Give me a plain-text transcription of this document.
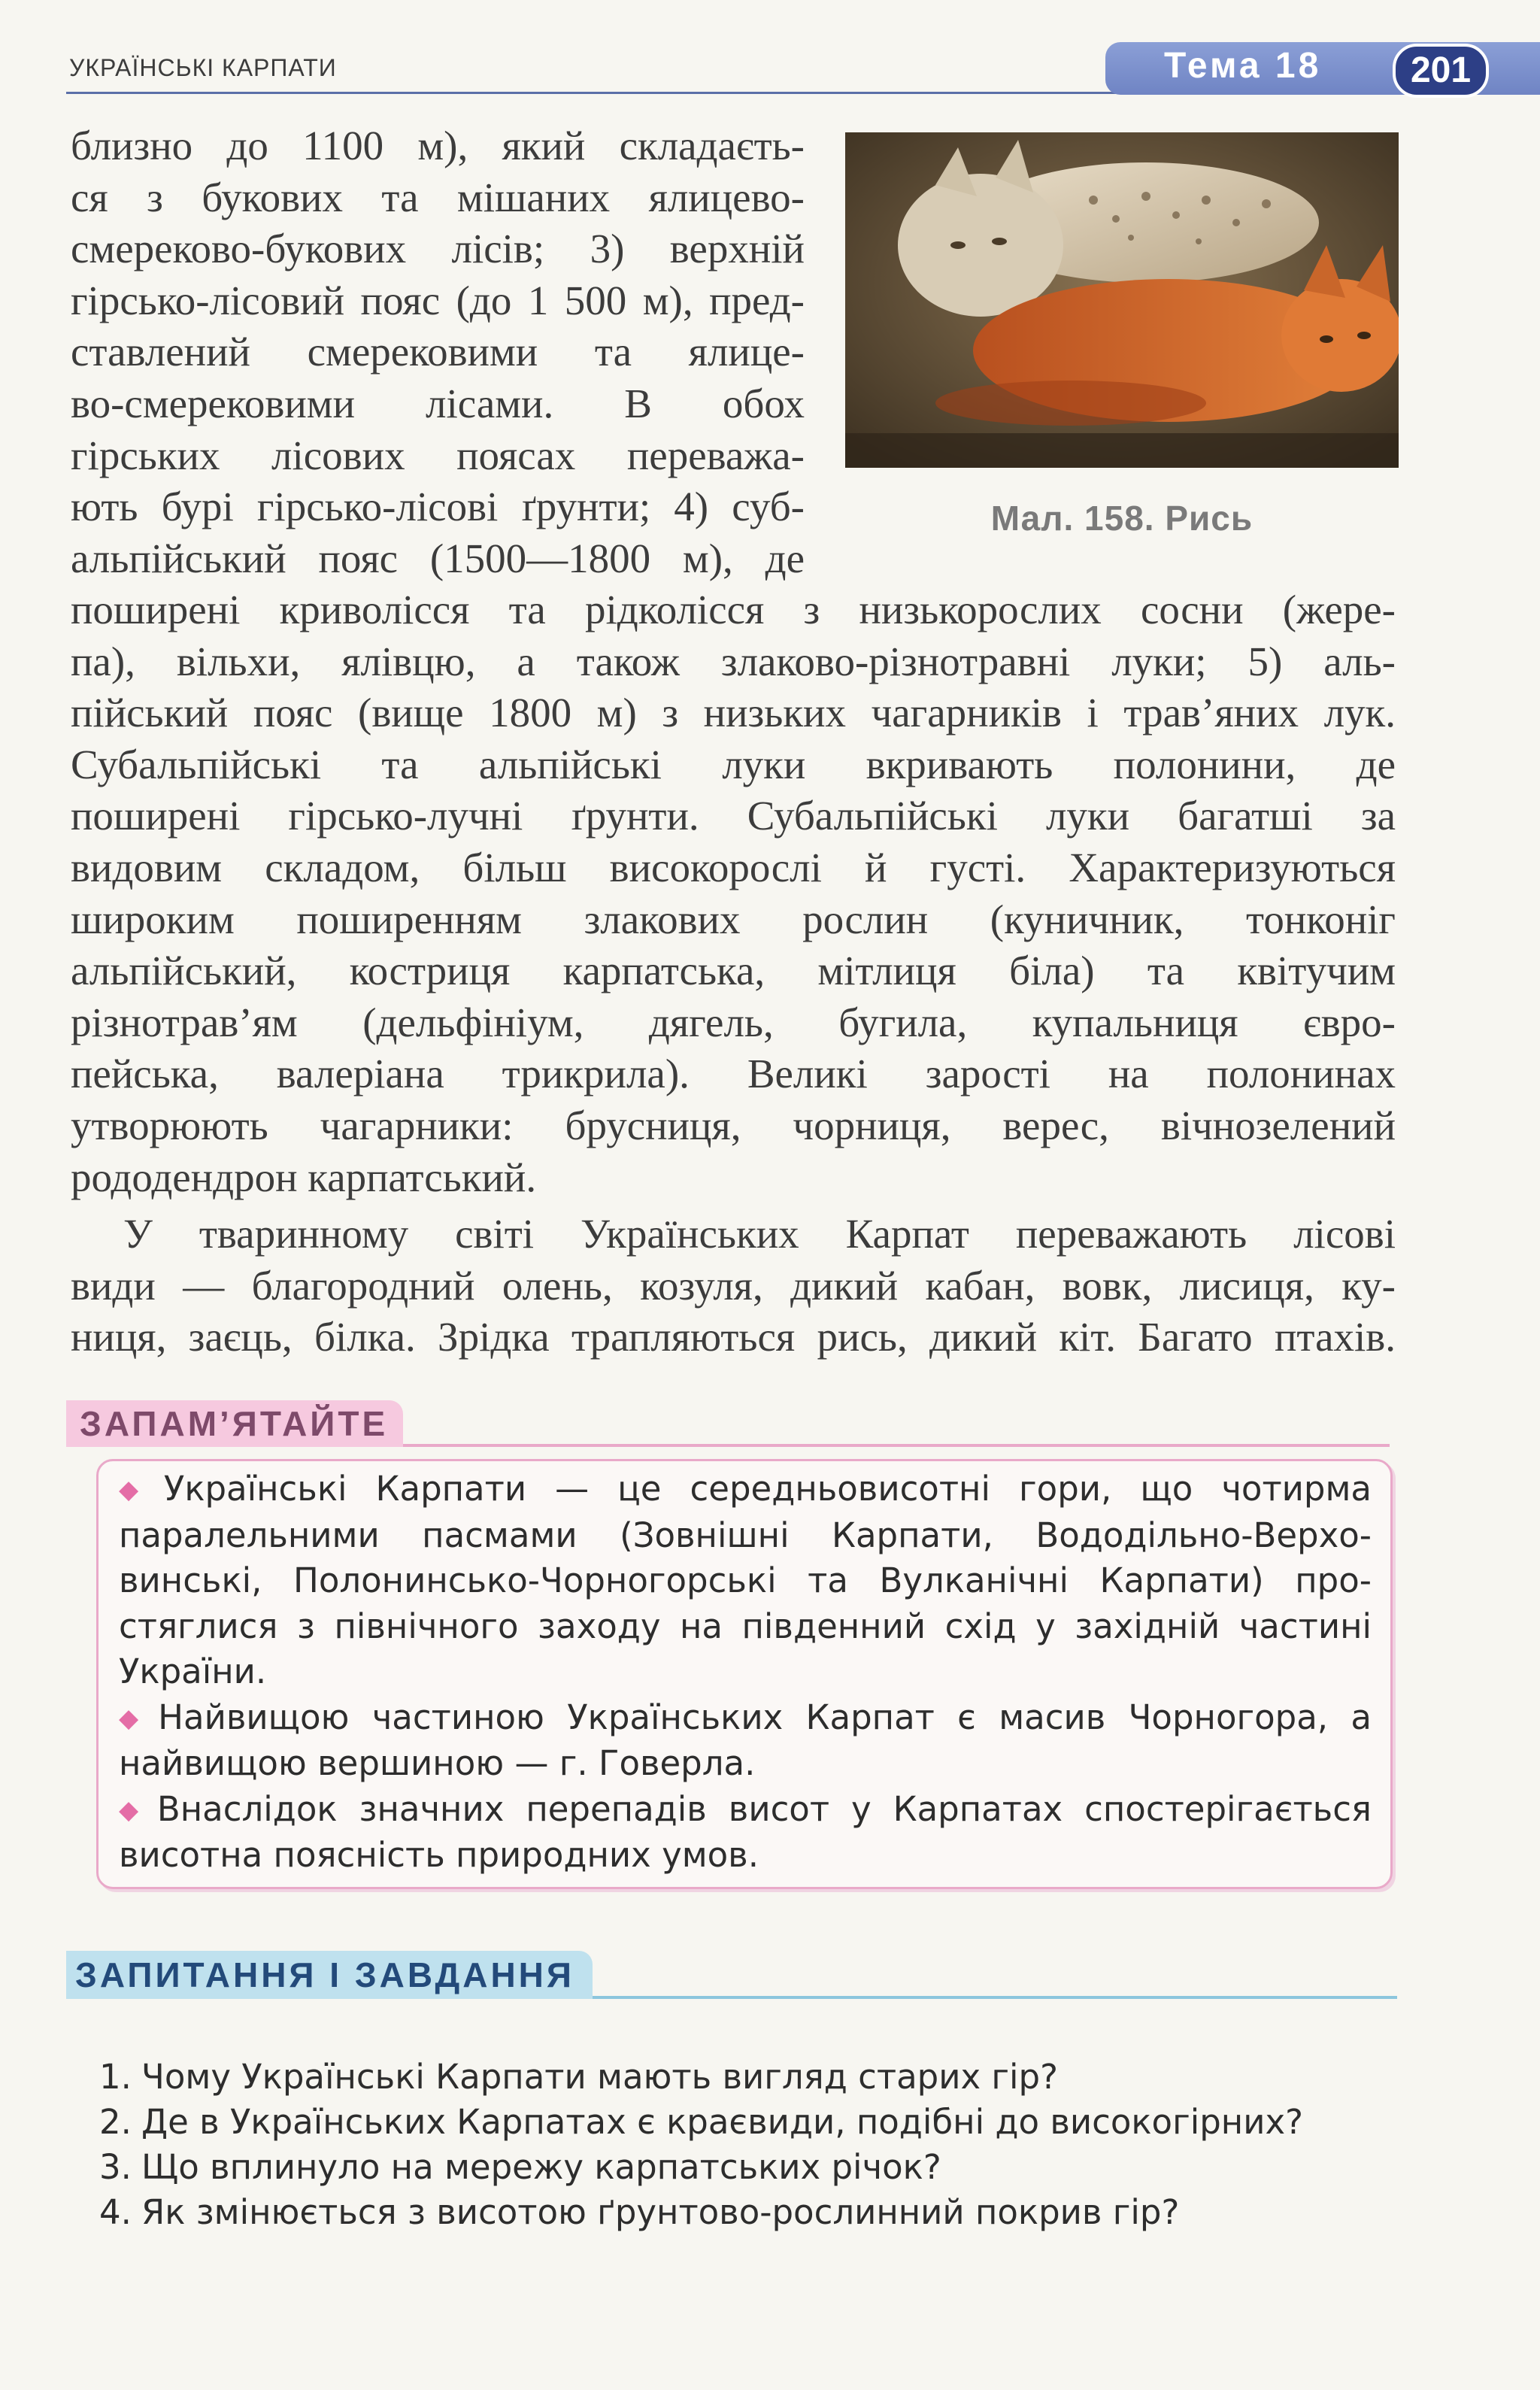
УКРАЇНСЬКІ КАРПАТИ	Тема 18	201

близно до 1100 м), який складаєть-

ся з букових та мішаних ялицево-

смереково-букових лісів; 3) верхній

гірсько-лісовий пояс (до 1 500 м), пред-

ставлений смерековими та ялице-

во-смерековими лісами. В обох

гірських лісових поясах переважа-

ють бурі гірсько-лісові ґрунти; 4) суб-

альпійський пояс (1500—1800 м), де

Мал. 158. Рись

поширені криволісся та рідколісся з низькорослих сосни (жере-

па), вільхи, ялівцю, а також злаково-різнотравні луки; 5) аль-

пійський пояс (вище 1800 м) з низьких чагарників і трав’яних лук.

Субальпійські та альпійські луки вкривають полонини, де

поширені гірсько-лучні ґрунти. Субальпійські луки багатші за

видовим складом, більш високорослі й густі. Характеризуються

широким поширенням злакових рослин (куничник, тонконіг

альпійський, костриця карпатська, мітлиця біла) та квітучим

різнотрав’ям (дельфініум, дягель, бугила, купальниця євро-

пейська, валеріана трикрила). Великі зарості на полонинах

утворюють чагарники: брусниця, чорниця, верес, вічнозелений

рододендрон карпатський.

У тваринному світі Українських Карпат переважають лісові

види — благородний олень, козуля, дикий кабан, вовк, лисиця, ку-

ниця, заєць, білка. Зрідка трапляються рись, дикий кіт. Багато птахів.

ЗАПАМ’ЯТАЙТЕ

◆ Українські Карпати — це середньовисотні гори, що чотирма

паралельними пасмами (Зовнішні Карпати, Вододільно-Верхо-

винські, Полонинсько-Чорногорські та Вулканічні Карпати) про-

стяглися з північного заходу на південний схід у західній частині

України.

◆ Найвищою частиною Українських Карпат є масив Чорногора, а

найвищою вершиною — г. Говерла.

◆ Внаслідок значних перепадів висот у Карпатах спостерігається

висотна поясність природних умов.

ЗАПИТАННЯ І ЗАВДАННЯ
1. Чому Українські Карпати мають вигляд старих гір?
2. Де в Українських Карпатах є краєвиди, подібні до високогірних?
3. Що вплинуло на мережу карпатських річок?
4. Як змінюється з висотою ґрунтово-рослинний покрив гір?
